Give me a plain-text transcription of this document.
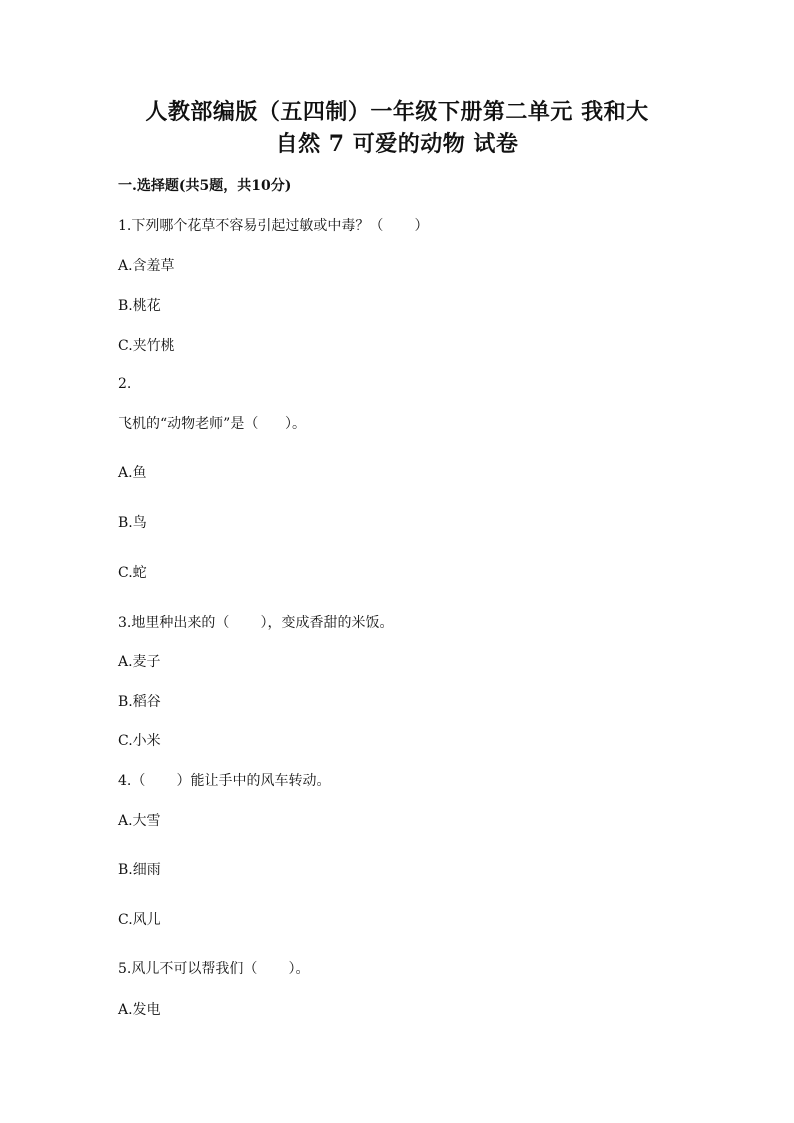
人教部编版（五四制）一年级下册第二单元 我和大
自然 7 可爱的动物 试卷
一.选择题(共5题，共10分)
1.下列哪个花草不容易引起过敏或中毒？（       ）
A.含羞草
B.桃花
C.夹竹桃
2.
飞机的“动物老师”是（      ）。
A.鱼
B.鸟
C.蛇
3.地里种出来的（       ），变成香甜的米饭。
A.麦子
B.稻谷
C.小米
4.（       ）能让手中的风车转动。
A.大雪
B.细雨
C.风儿
5.风儿不可以帮我们（       ）。
A.发电
